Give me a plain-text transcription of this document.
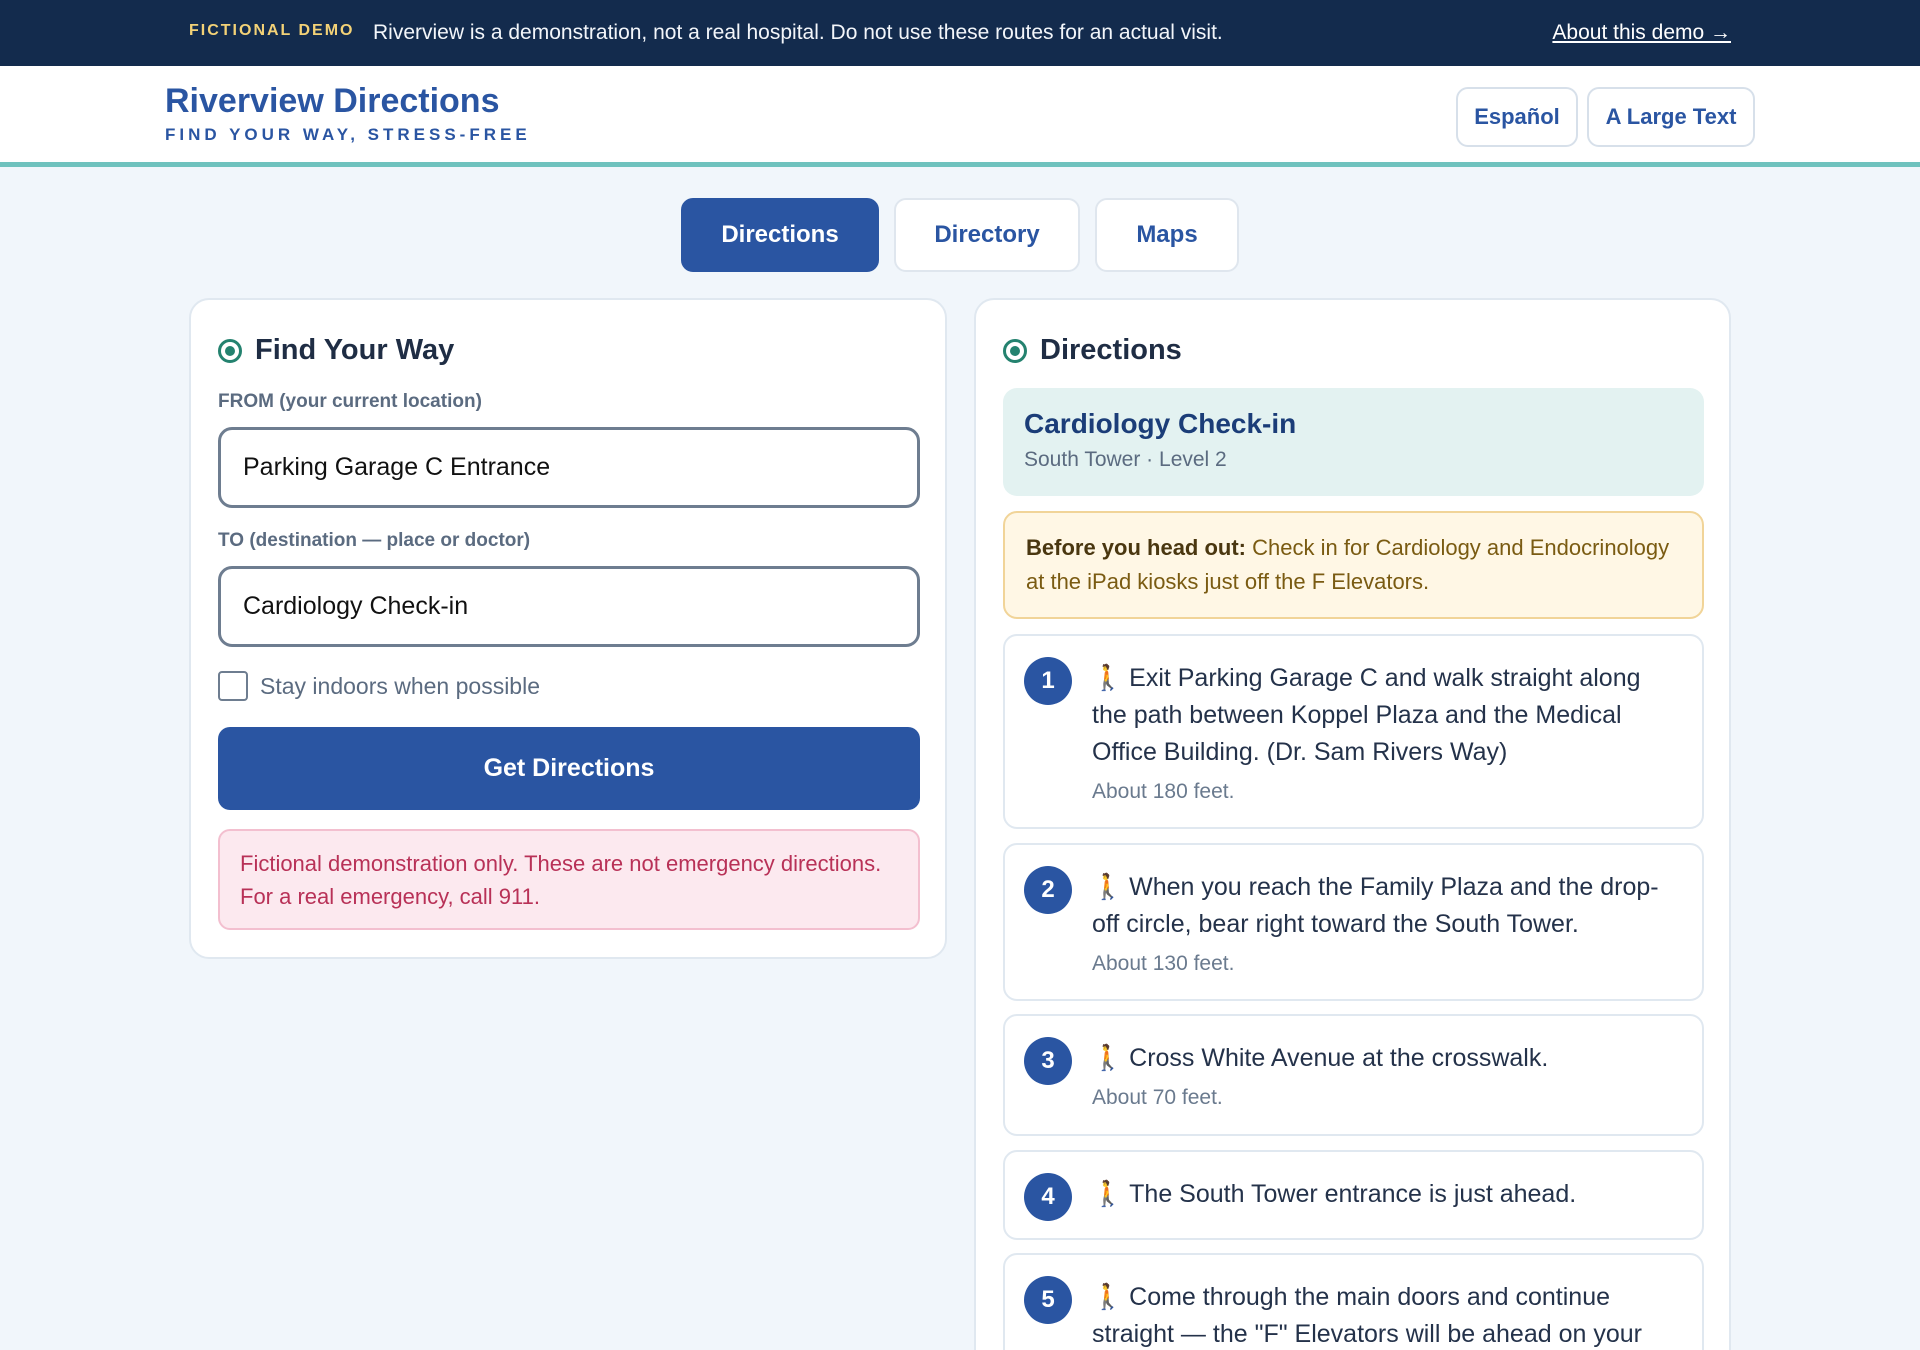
FICTIONAL DEMO Riverview is a demonstration, not a real hospital. Do not use these routes for an actual visit.	About this demo →
Riverview Directions
FIND YOUR WAY, STRESS-FREE
Español	A Large Text
Directions	Directory	Maps
Find Your Way
FROM (your current location)
Parking Garage C Entrance
TO (destination — place or doctor)
Cardiology Check-in
Stay indoors when possible
Get Directions
Fictional demonstration only. These are not emergency directions. For a real emergency, call 911.
Directions
Cardiology Check-in
South Tower · Level 2
Before you head out: Check in for Cardiology and Endocrinology at the iPad kiosks just off the F Elevators.
1	🚶 Exit Parking Garage C and walk straight along the path between Koppel Plaza and the Medical Office Building. (Dr. Sam Rivers Way)
About 180 feet.
2	🚶 When you reach the Family Plaza and the drop-off circle, bear right toward the South Tower.
About 130 feet.
3	🚶 Cross White Avenue at the crosswalk.
About 70 feet.
4	🚶 The South Tower entrance is just ahead.
5	🚶 Come through the main doors and continue straight — the "F" Elevators will be ahead on your
